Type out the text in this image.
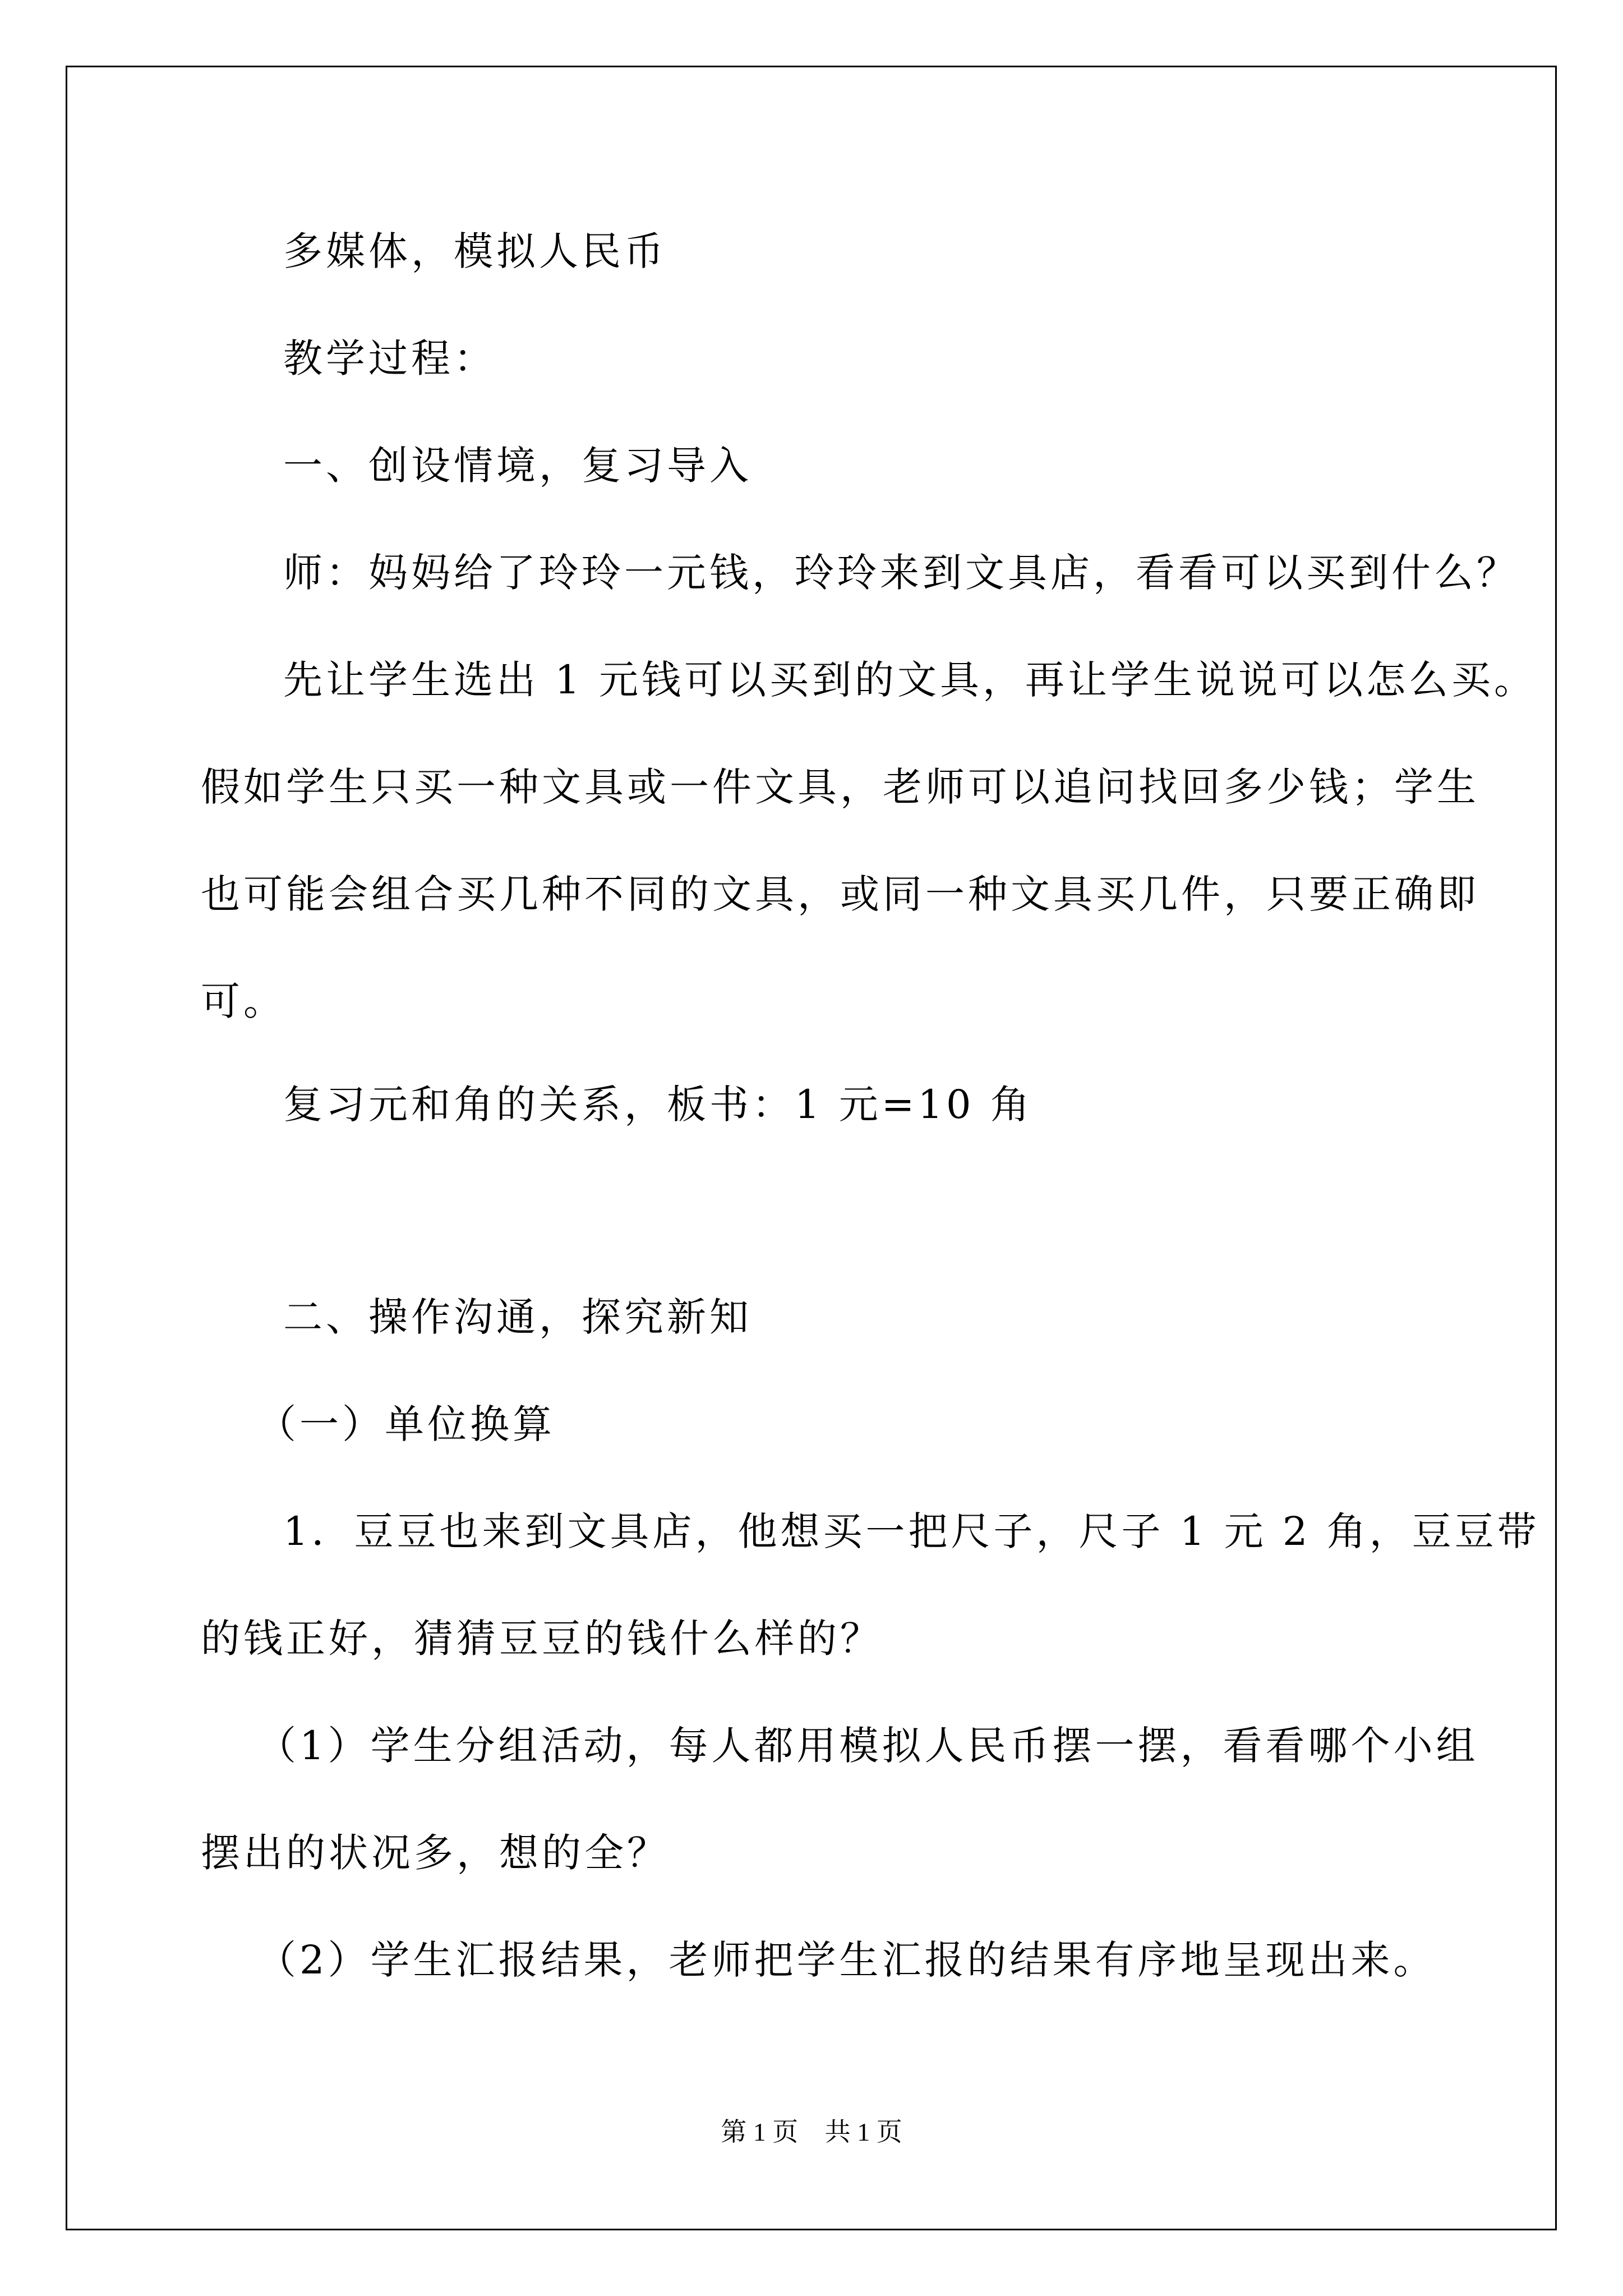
多媒体，模拟人民币
教学过程：
一、创设情境，复习导入
师：妈妈给了玲玲一元钱，玲玲来到文具店，看看可以买到什么？
先让学生选出 1 元钱可以买到的文具，再让学生说说可以怎么买。
假如学生只买一种文具或一件文具，老师可以追问找回多少钱；学生
也可能会组合买几种不同的文具，或同一种文具买几件，只要正确即
可。
复习元和角的关系，板书：1 元=10 角
二、操作沟通，探究新知
（一）单位换算
1．豆豆也来到文具店，他想买一把尺子，尺子 1 元 2 角，豆豆带
的钱正好，猜猜豆豆的钱什么样的？
（1）学生分组活动，每人都用模拟人民币摆一摆，看看哪个小组
摆出的状况多，想的全？
（2）学生汇报结果，老师把学生汇报的结果有序地呈现出来。
第 1 页 共 1 页
